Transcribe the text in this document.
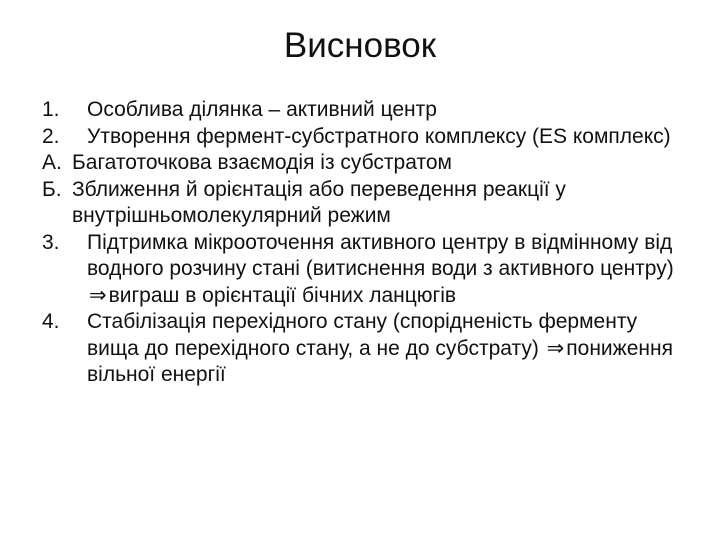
Висновок
1. Особлива ділянка – активний центр
2. Утворення фермент-субстратного комплексу (ES комплекс)
А. Багатоточкова взаємодія із субстратом
Б. Зближення й орієнтація або переведення реакції у внутрішньомолекулярний режим
3. Підтримка мікрооточення активного центру в відмінному від водного розчину стані (витиснення води з активного центру) ⇒виграш в орієнтації бічних ланцюгів
4. Стабілізація перехідного стану (спорідненість ферменту вища до перехідного стану, а не до субстрату) ⇒пониження вільної енергії
